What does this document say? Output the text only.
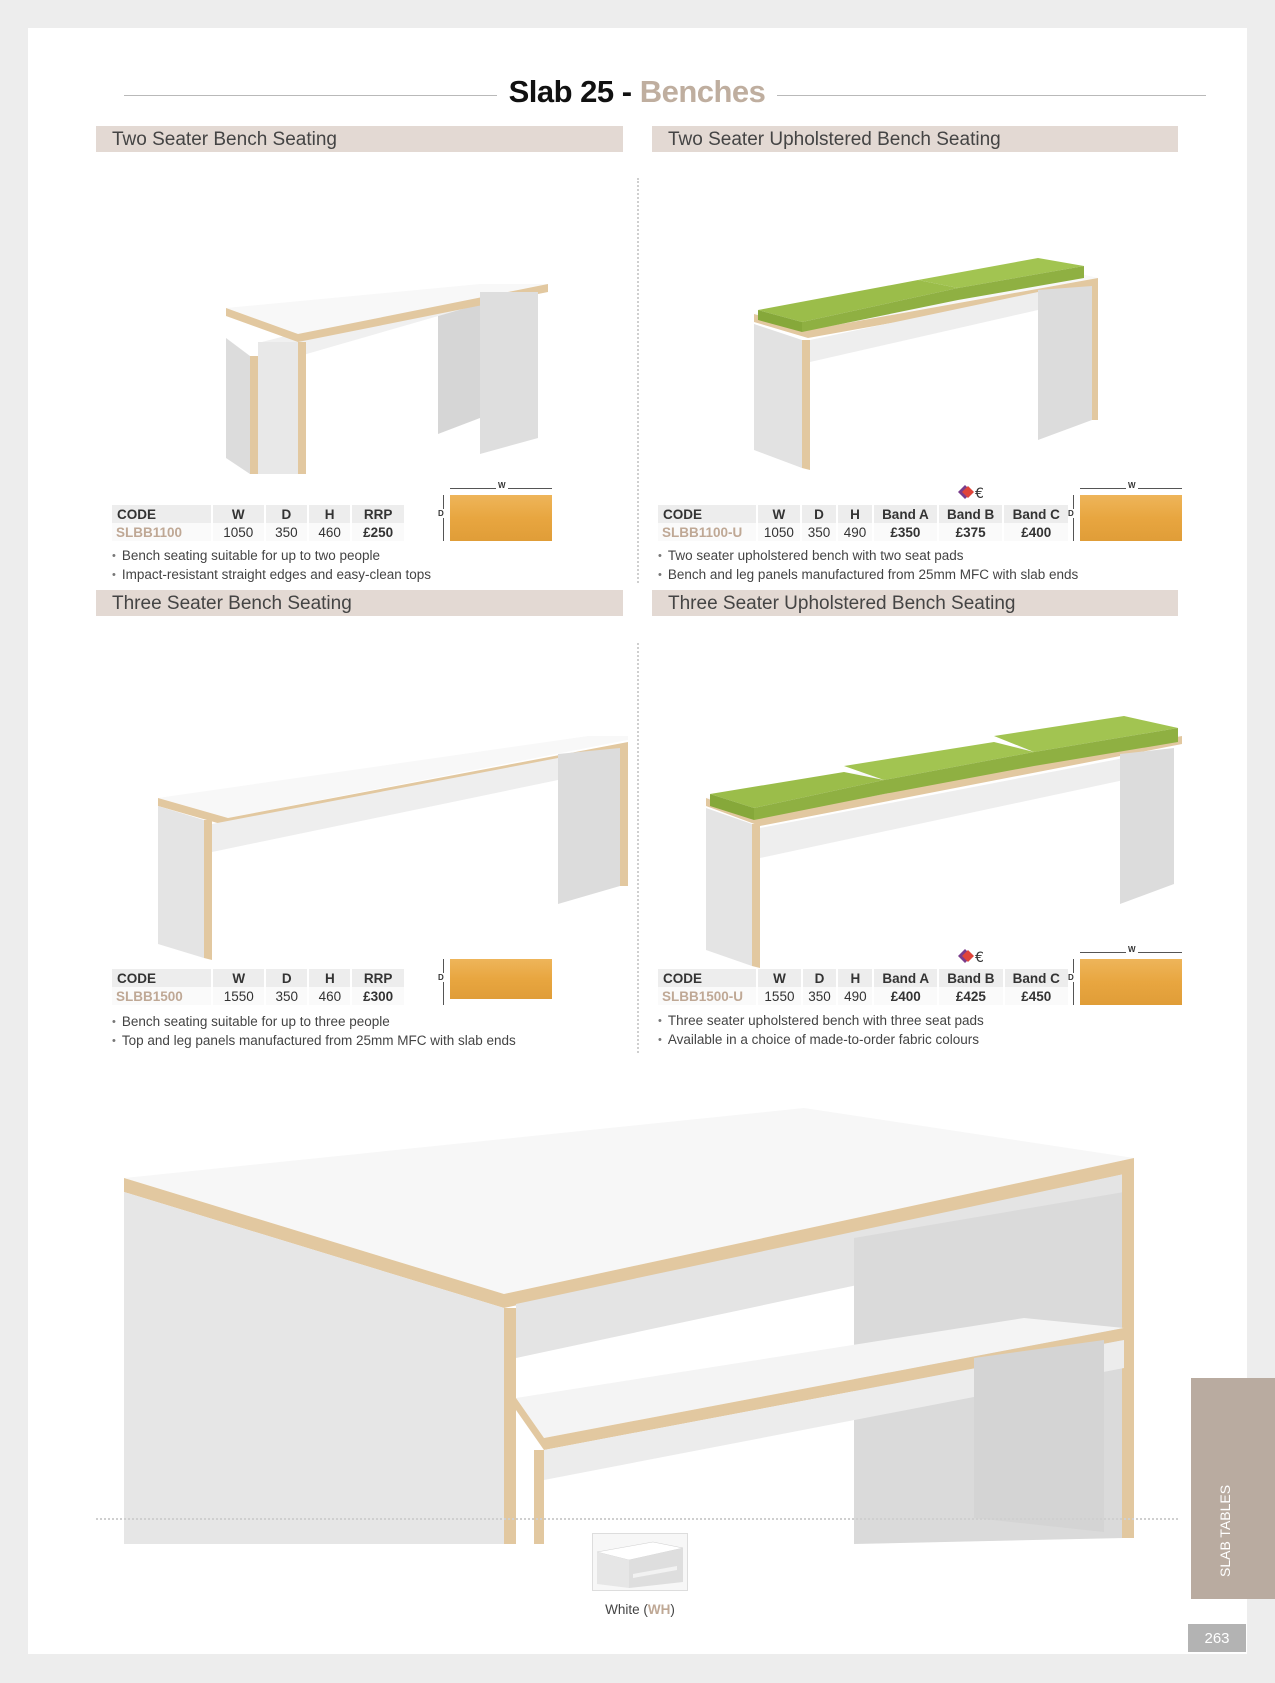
Slab 25 - Benches
Two Seater Bench Seating	Two Seater Upholstered Bench Seating
Three Seater Bench Seating	Three Seater Upholstered Bench Seating
CODE	W	D	H	RRP
SLBB1100	1050	350	460	£250
W
D
• Bench seating suitable for up to two people
• Impact-resistant straight edges and easy-clean tops
€
CODE	W	D	H	Band A	Band B	Band C
SLBB1100-U	1050	350	490	£350	£375	£400
W
D
• Two seater upholstered bench with two seat pads
• Bench and leg panels manufactured from 25mm MFC with slab ends
CODE	W	D	H	RRP
SLBB1500	1550	350	460	£300
D
• Bench seating suitable for up to three people
• Top and leg panels manufactured from 25mm MFC with slab ends
€
CODE	W	D	H	Band A	Band B	Band C
SLBB1500-U	1550	350	490	£400	£425	£450
W
D
• Three seater upholstered bench with three seat pads
• Available in a choice of made-to-order fabric colours
White (WH)
SLAB TABLES
263
